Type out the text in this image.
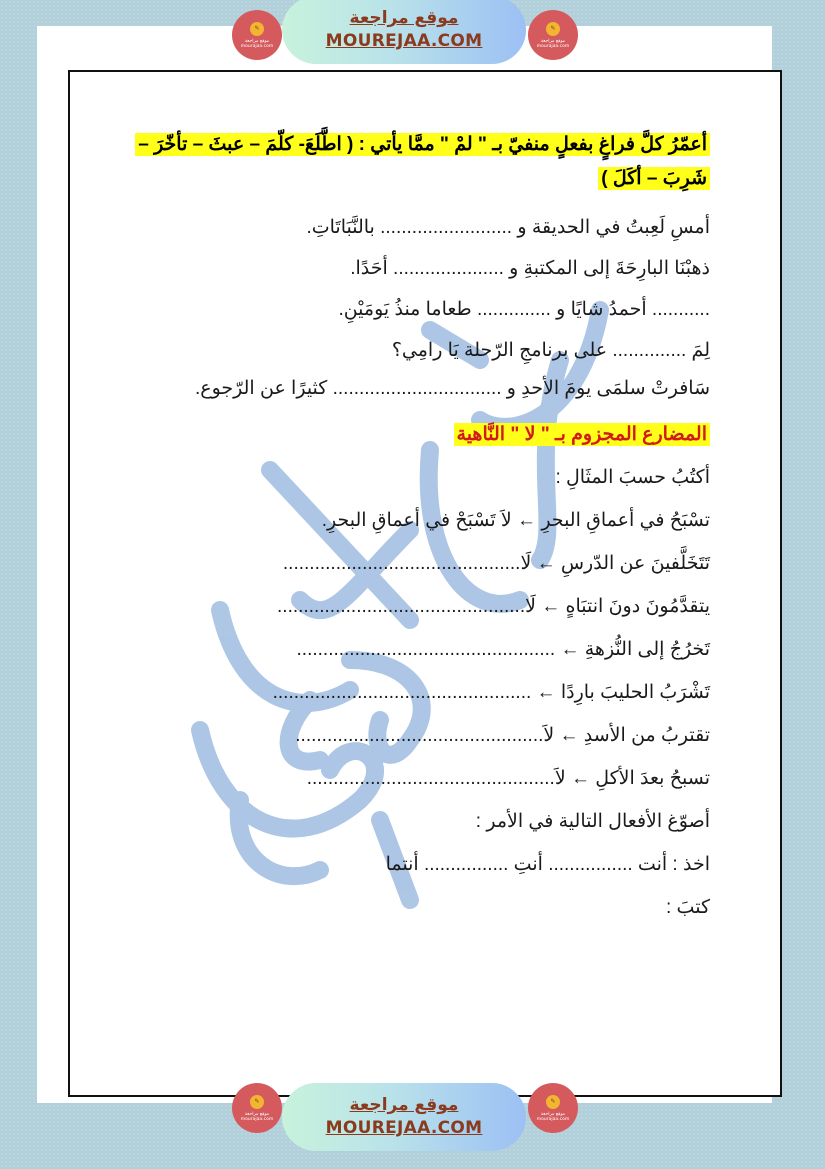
✎
موقع مراجعة mourajaa.com
موقع مراجعة
MOUREJAA.COM
✎
موقع مراجعة mourajaa.com
أعمّرُ كلَّ فراغٍ بفعلٍ منفيّ بـ " لمْ " ممَّا يأتي : ( اطَّلَعَ- كلّمَ – عبثَ – تأخّرَ – شَرِبَ – أكَلَ )

أمسِ لَعِبتُ في الحديقة و ......................... بالنَّبَاتَاتِ.

ذهبْنَا البارِحَةَ إلى المكتبةِ و ..................... أحَدًا.

........... أحمدُ شايًا و .............. طعاما منذُ يَومَيْنِ.

لِمَ .............. على برنامجِ الرّحلة يَا رامِي؟

سَافرتْ سلمَى يومَ الأحدِ و ................................ كثيرًا عن الرّجوع.

المضارع المجزوم بـ " لا " النَّاهية

أكتُبُ حسبَ المثَالِ :

تسْبَحُ في أعماقِ البحرِ ← لاَ تَسْبَحْ في أعماقِ البحرِ.

تَتَخَلَّفينَ عن الدّرسِ ← لَا.............................................

يتقدَّمُونَ دونَ انتبَاهٍ ← لَا...............................................

تَخرُجُ إلى النُّزهةِ ← .................................................

تَشْرَبُ الحليبَ بارِدًا ← .................................................

تقتربُ من الأسدِ ← لاَ...............................................

تسبحُ بعدَ الأكلِ ← لاَ...............................................

أصوّغ الأفعال التالية في الأمر :

اخذ : أنت ................ أنتِ ................ أنتما

كتبَ :

✎
موقع مراجعة mourajaa.com
موقع مراجعة
MOUREJAA.COM
✎
موقع مراجعة mourajaa.com
